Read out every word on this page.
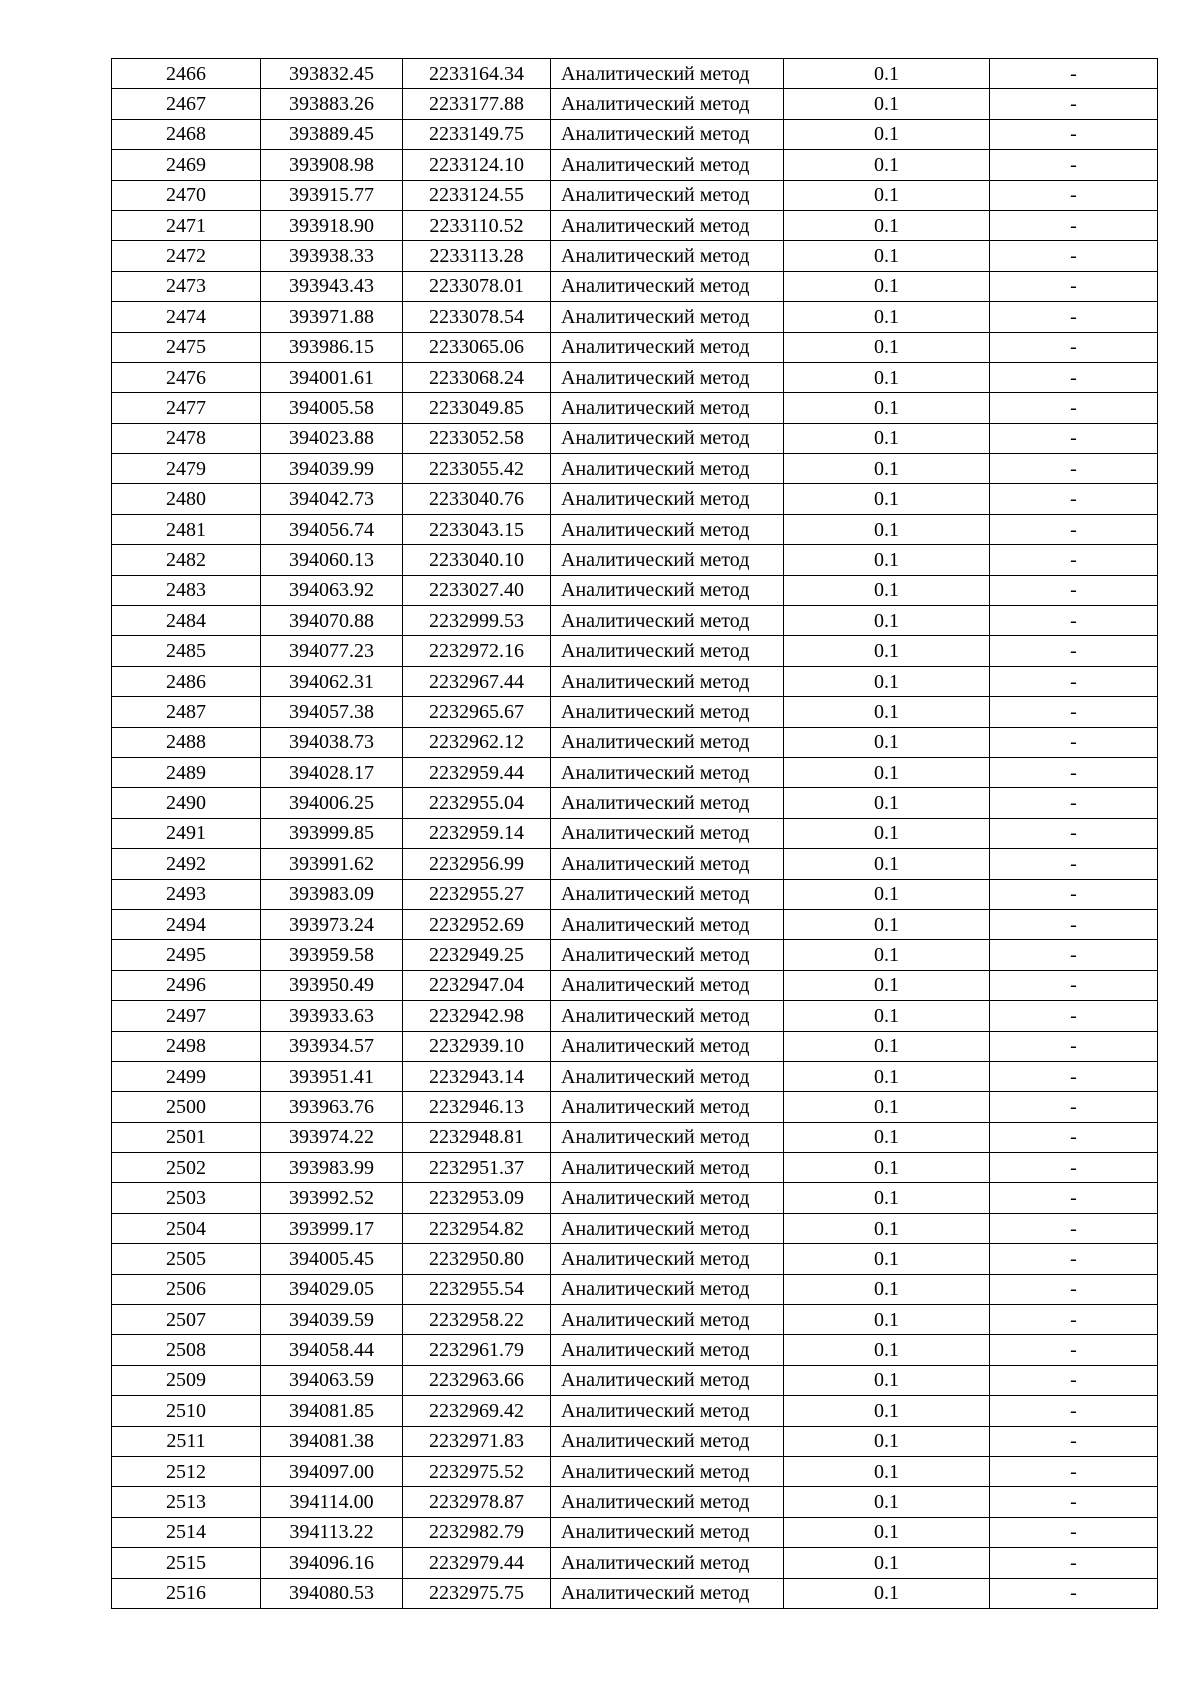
2466	393832.45	2233164.34	Аналитический метод	0.1	-
2467	393883.26	2233177.88	Аналитический метод	0.1	-
2468	393889.45	2233149.75	Аналитический метод	0.1	-
2469	393908.98	2233124.10	Аналитический метод	0.1	-
2470	393915.77	2233124.55	Аналитический метод	0.1	-
2471	393918.90	2233110.52	Аналитический метод	0.1	-
2472	393938.33	2233113.28	Аналитический метод	0.1	-
2473	393943.43	2233078.01	Аналитический метод	0.1	-
2474	393971.88	2233078.54	Аналитический метод	0.1	-
2475	393986.15	2233065.06	Аналитический метод	0.1	-
2476	394001.61	2233068.24	Аналитический метод	0.1	-
2477	394005.58	2233049.85	Аналитический метод	0.1	-
2478	394023.88	2233052.58	Аналитический метод	0.1	-
2479	394039.99	2233055.42	Аналитический метод	0.1	-
2480	394042.73	2233040.76	Аналитический метод	0.1	-
2481	394056.74	2233043.15	Аналитический метод	0.1	-
2482	394060.13	2233040.10	Аналитический метод	0.1	-
2483	394063.92	2233027.40	Аналитический метод	0.1	-
2484	394070.88	2232999.53	Аналитический метод	0.1	-
2485	394077.23	2232972.16	Аналитический метод	0.1	-
2486	394062.31	2232967.44	Аналитический метод	0.1	-
2487	394057.38	2232965.67	Аналитический метод	0.1	-
2488	394038.73	2232962.12	Аналитический метод	0.1	-
2489	394028.17	2232959.44	Аналитический метод	0.1	-
2490	394006.25	2232955.04	Аналитический метод	0.1	-
2491	393999.85	2232959.14	Аналитический метод	0.1	-
2492	393991.62	2232956.99	Аналитический метод	0.1	-
2493	393983.09	2232955.27	Аналитический метод	0.1	-
2494	393973.24	2232952.69	Аналитический метод	0.1	-
2495	393959.58	2232949.25	Аналитический метод	0.1	-
2496	393950.49	2232947.04	Аналитический метод	0.1	-
2497	393933.63	2232942.98	Аналитический метод	0.1	-
2498	393934.57	2232939.10	Аналитический метод	0.1	-
2499	393951.41	2232943.14	Аналитический метод	0.1	-
2500	393963.76	2232946.13	Аналитический метод	0.1	-
2501	393974.22	2232948.81	Аналитический метод	0.1	-
2502	393983.99	2232951.37	Аналитический метод	0.1	-
2503	393992.52	2232953.09	Аналитический метод	0.1	-
2504	393999.17	2232954.82	Аналитический метод	0.1	-
2505	394005.45	2232950.80	Аналитический метод	0.1	-
2506	394029.05	2232955.54	Аналитический метод	0.1	-
2507	394039.59	2232958.22	Аналитический метод	0.1	-
2508	394058.44	2232961.79	Аналитический метод	0.1	-
2509	394063.59	2232963.66	Аналитический метод	0.1	-
2510	394081.85	2232969.42	Аналитический метод	0.1	-
2511	394081.38	2232971.83	Аналитический метод	0.1	-
2512	394097.00	2232975.52	Аналитический метод	0.1	-
2513	394114.00	2232978.87	Аналитический метод	0.1	-
2514	394113.22	2232982.79	Аналитический метод	0.1	-
2515	394096.16	2232979.44	Аналитический метод	0.1	-
2516	394080.53	2232975.75	Аналитический метод	0.1	-
